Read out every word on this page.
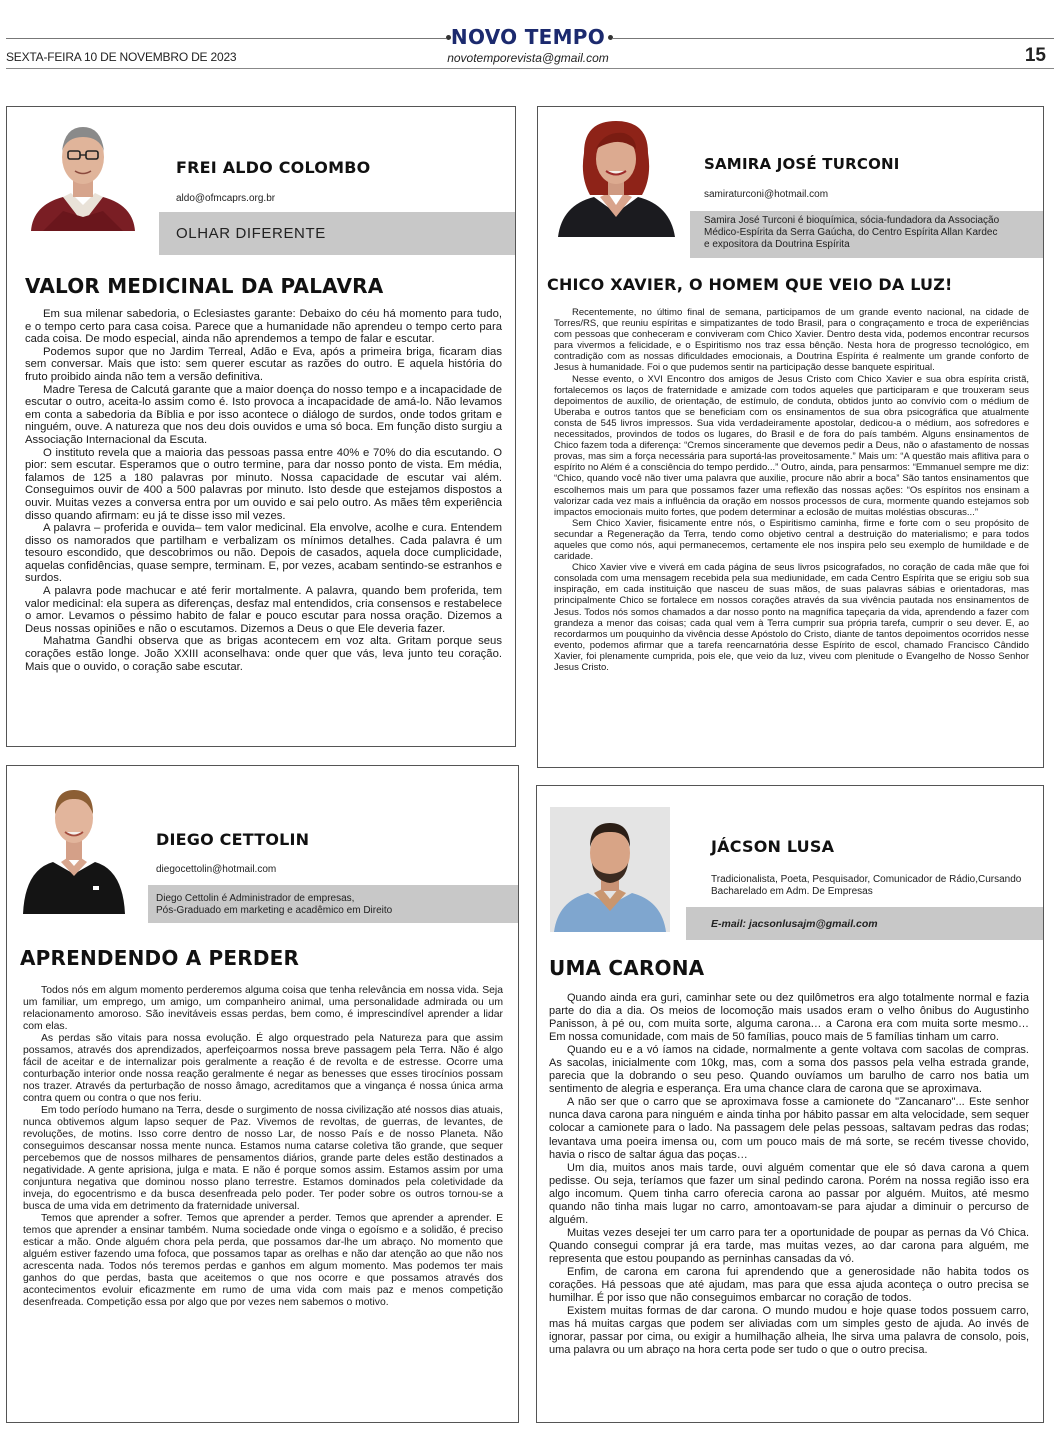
NOVO TEMPO
SEXTA-FEIRA 10 DE NOVEMBRO DE 2023	novotemporevista@gmail.com	15
FREI ALDO COLOMBO
aldo@ofmcaprs.org.br
OLHAR DIFERENTE
VALOR MEDICINAL DA PALAVRA

Em sua milenar sabedoria, o Eclesiastes garante: Debaixo do céu há momento para tudo, e o tempo certo para casa coisa. Parece que a humanidade não aprendeu o tempo certo para cada coisa. De modo especial, ainda não aprendemos a tempo de falar e escutar.

Podemos supor que no Jardim Terreal, Adão e Eva, após a primeira briga, ficaram dias sem conversar. Mais que isto: sem querer escutar as razões do outro. E aquela história do fruto proibido ainda não tem a versão definitiva.

Madre Teresa de Calcutá garante que a maior doença do nosso tempo e a incapacidade de escutar o outro, aceita-lo assim como é. Isto provoca a incapacidade de amá-lo. Não levamos em conta a sabedoria da Bíblia e por isso acontece o diálogo de surdos, onde todos gritam e ninguém, ouve. A natureza que nos deu dois ouvidos e uma só boca. Em função disto surgiu a Associação Internacional da Escuta.

O instituto revela que a maioria das pessoas passa entre 40% e 70% do dia escutando. O pior: sem escutar. Esperamos que o outro termine, para dar nosso ponto de vista. Em média, falamos de 125 a 180 palavras por minuto. Nossa capacidade de escutar vai além. Conseguimos ouvir de 400 a 500 palavras por minuto. Isto desde que estejamos dispostos a ouvir. Muitas vezes a conversa entra por um ouvido e sai pelo outro. As mães têm experiência disso quando afirmam: eu já te disse isso mil vezes.

A palavra – proferida e ouvida– tem valor medicinal. Ela envolve, acolhe e cura. Entendem disso os namorados que partilham e verbalizam os mínimos detalhes. Cada palavra é um tesouro escondido, que descobrimos ou não. Depois de casados, aquela doce cumplicidade, aquelas confidências, quase sempre, terminam. E, por vezes, acabam sentindo-se estranhos e surdos.

A palavra pode machucar e até ferir mortalmente. A palavra, quando bem proferida, tem valor medicinal: ela supera as diferenças, desfaz mal entendidos, cria consensos e restabelece o amor. Levamos o péssimo habito de falar e pouco escutar para nossa oração. Dizemos a Deus nossas opiniões e não o escutamos. Dizemos a Deus o que Ele deveria fazer.

Mahatma Gandhi observa que as brigas acontecem em voz alta. Gritam porque seus corações estão longe. João XXIII aconselhava: onde quer que vás, leva junto teu coração. Mais que o ouvido, o coração sabe escutar.

SAMIRA JOSÉ TURCONI
samiraturconi@hotmail.com
Samira José Turconi é bioquímica, sócia-fundadora da Associação Médico-Espírita da Serra Gaúcha, do Centro Espírita Allan Kardec e expositora da Doutrina Espírita
CHICO XAVIER, O HOMEM QUE VEIO DA LUZ!

Recentemente, no último final de semana, participamos de um grande evento nacional, na cidade de Torres/RS, que reuniu espíritas e simpatizantes de todo Brasil, para o congraçamento e troca de experiências com pessoas que conheceram e conviveram com Chico Xavier. Dentro desta vida, podemos encontrar recursos para vivermos a felicidade, e o Espiritismo nos traz essa bênção. Nesta hora de progresso tecnológico, em contradição com as nossas dificuldades emocionais, a Doutrina Espírita é realmente um grande conforto de Jesus à humanidade. Foi o que pudemos sentir na participação desse banquete espiritual.

Nesse evento, o XVI Encontro dos amigos de Jesus Cristo com Chico Xavier e sua obra espírita cristã, fortalecemos os laços de fraternidade e amizade com todos aqueles que participaram e que trouxeram seus depoimentos de auxílio, de orientação, de estímulo, de conduta, obtidos junto ao convívio com o médium de Uberaba e outros tantos que se beneficiam com os ensinamentos de sua obra psicográfica que atualmente consta de 545 livros impressos. Sua vida verdadeiramente apostolar, dedicou-a o médium, aos sofredores e necessitados, provindos de todos os lugares, do Brasil e de fora do país também. Alguns ensinamentos de Chico fazem toda a diferença: “Cremos sinceramente que devemos pedir a Deus, não o afastamento de nossas provas, mas sim a força necessária para suportá-las proveitosamente.” Mais um: “A questão mais aflitiva para o espírito no Além é a consciência do tempo perdido...” Outro, ainda, para pensarmos: “Emmanuel sempre me diz: “Chico, quando você não tiver uma palavra que auxilie, procure não abrir a boca” São tantos ensinamentos que escolhemos mais um para que possamos fazer uma reflexão das nossas ações: “Os espíritos nos ensinam a valorizar cada vez mais a influência da oração em nossos processos de cura, mormente quando estejamos sob impactos emocionais muito fortes, que podem determinar a eclosão de muitas moléstias obscuras...”

Sem Chico Xavier, fisicamente entre nós, o Espiritismo caminha, firme e forte com o seu propósito de secundar a Regeneração da Terra, tendo como objetivo central a destruição do materialismo; e para todos aqueles que como nós, aqui permanecemos, certamente ele nos inspira pelo seu exemplo de humildade e de caridade.

Chico Xavier vive e viverá em cada página de seus livros psicografados, no coração de cada mãe que foi consolada com uma mensagem recebida pela sua mediunidade, em cada Centro Espírita que se erigiu sob sua inspiração, em cada instituição que nasceu de suas mãos, de suas palavras sábias e orientadoras, mas principalmente Chico se fortalece em nossos corações através da sua vivência pautada nos ensinamentos de Jesus. Todos nós somos chamados a dar nosso ponto na magnífica tapeçaria da vida, aprendendo a fazer com grandeza a menor das coisas; cada qual vem à Terra cumprir sua própria tarefa, cumprir o seu dever. E, ao recordarmos um pouquinho da vivência desse Apóstolo do Cristo, diante de tantos depoimentos ocorridos nesse evento, podemos afirmar que a tarefa reencarnatória desse Espírito de escol, chamado Francisco Cândido Xavier, foi plenamente cumprida, pois ele, que veio da luz, viveu com plenitude o Evangelho de Nosso Senhor Jesus Cristo.

DIEGO CETTOLIN
diegocettolin@hotmail.com
Diego Cettolin é Administrador de empresas,
Pós-Graduado em marketing e acadêmico em Direito
APRENDENDO A PERDER

Todos nós em algum momento perderemos alguma coisa que tenha relevância em nossa vida. Seja um familiar, um emprego, um amigo, um companheiro animal, uma personalidade admirada ou um relacionamento amoroso. São inevitáveis essas perdas, bem como, é imprescindível aprender a lidar com elas.

As perdas são vitais para nossa evolução. É algo orquestrado pela Natureza para que assim possamos, através dos aprendizados, aperfeiçoarmos nossa breve passagem pela Terra. Não é algo fácil de aceitar e de internalizar pois geralmente a reação é de revolta e de estresse. Ocorre uma conturbação interior onde nossa reação geralmente é negar as benesses que esses tirocínios possam nos trazer. Através da perturbação de nosso âmago, acreditamos que a vingança é nossa única arma contra quem ou contra o que nos feriu.

Em todo período humano na Terra, desde o surgimento de nossa civilização até nossos dias atuais, nunca obtivemos algum lapso sequer de Paz. Vivemos de revoltas, de guerras, de levantes, de revoluções, de motins. Isso corre dentro de nosso Lar, de nosso País e de nosso Planeta. Não conseguimos descansar nossa mente nunca. Estamos numa catarse coletiva tão grande, que sequer percebemos que de nossos milhares de pensamentos diários, grande parte deles estão destinados a negatividade. A gente aprisiona, julga e mata. E não é porque somos assim. Estamos assim por uma conjuntura negativa que dominou nosso plano terrestre. Estamos dominados pela coletividade da inveja, do egocentrismo e da busca desenfreada pelo poder. Ter poder sobre os outros tornou-se a busca de uma vida em detrimento da fraternidade universal.

Temos que aprender a sofrer. Temos que aprender a perder. Temos que aprender a aprender. E temos que aprender a ensinar também. Numa sociedade onde vinga o egoísmo e a solidão, é preciso esticar a mão. Onde alguém chora pela perda, que possamos dar-lhe um abraço. No momento que alguém estiver fazendo uma fofoca, que possamos tapar as orelhas e não dar atenção ao que não nos acrescenta nada. Todos nós teremos perdas e ganhos em algum momento. Mas podemos ter mais ganhos do que perdas, basta que aceitemos o que nos ocorre e que possamos através dos acontecimentos evoluir eficazmente em rumo de uma vida com mais paz e menos competição desenfreada. Competição essa por algo que por vezes nem sabemos o motivo.

JÁCSON LUSA
Tradicionalista, Poeta, Pesquisador, Comunicador de Rádio,Cursando
Bacharelado em Adm. De Empresas
E-mail: jacsonlusajm@gmail.com
UMA CARONA

Quando ainda era guri, caminhar sete ou dez quilômetros era algo totalmente normal e fazia parte do dia a dia. Os meios de locomoção mais usados eram o velho ônibus do Augustinho Panisson, à pé ou, com muita sorte, alguma carona… a Carona era com muita sorte mesmo… Em nossa comunidade, com mais de 50 famílias, pouco mais de 5 famílias tinham um carro.

Quando eu e a vó íamos na cidade, normalmente a gente voltava com sacolas de compras. As sacolas, inicialmente com 10kg, mas, com a soma dos passos pela velha estrada grande, parecia que la dobrando o seu peso. Quando ouvíamos um barulho de carro nos batia um sentimento de alegria e esperança. Era uma chance clara de carona que se aproximava.

A não ser que o carro que se aproximava fosse a camionete do "Zancanaro"... Este senhor nunca dava carona para ninguém e ainda tinha por hábito passar em alta velocidade, sem sequer colocar a camionete para o lado. Na passagem dele pelas pessoas, saltavam pedras das rodas; levantava uma poeira imensa ou, com um pouco mais de má sorte, se recém tivesse chovido, havia o risco de saltar água das poças…

Um dia, muitos anos mais tarde, ouvi alguém comentar que ele só dava carona a quem pedisse. Ou seja, teríamos que fazer um sinal pedindo carona. Porém na nossa região isso era algo incomum. Quem tinha carro oferecia carona ao passar por alguém. Muitos, até mesmo quando não tinha mais lugar no carro, amontoavam-se para ajudar a diminuir o percurso de alguém.

Muitas vezes desejei ter um carro para ter a oportunidade de poupar as pernas da Vó Chica. Quando consegui comprar já era tarde, mas muitas vezes, ao dar carona para alguém, me representa que estou poupando as perninhas cansadas da vó.

Enfim, de carona em carona fui aprendendo que a generosidade não habita todos os corações. Há pessoas que até ajudam, mas para que essa ajuda aconteça o outro precisa se humilhar. É por isso que não conseguimos embarcar no coração de todos.

Existem muitas formas de dar carona. O mundo mudou e hoje quase todos possuem carro, mas há muitas cargas que podem ser aliviadas com um simples gesto de ajuda. Ao invés de ignorar, passar por cima, ou exigir a humilhação alheia, lhe sirva uma palavra de consolo, pois, uma palavra ou um abraço na hora certa pode ser tudo o que o outro precisa.
